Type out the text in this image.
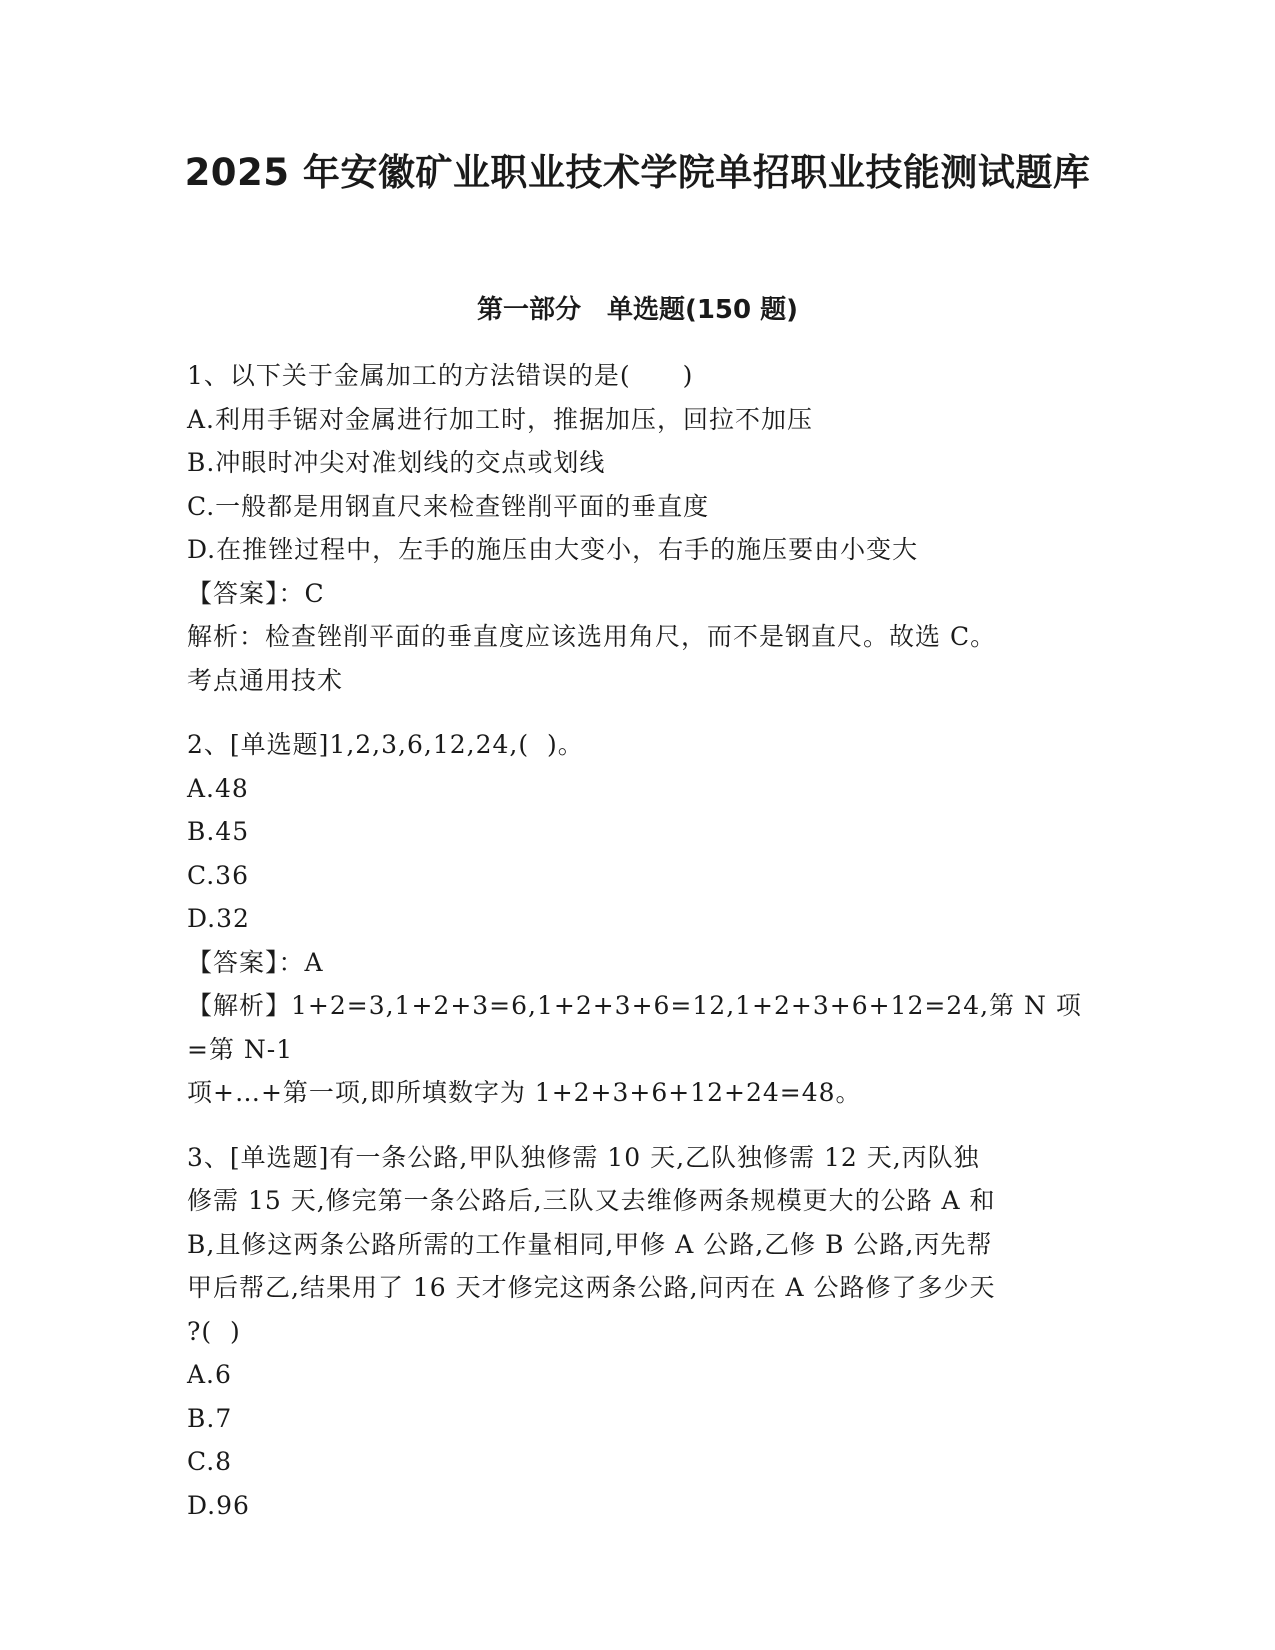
2025 年安徽矿业职业技术学院单招职业技能测试题库
第一部分 单选题(150 题)
1、以下关于金属加工的方法错误的是(　　)
A.利用手锯对金属进行加工时，推据加压，回拉不加压
B.冲眼时冲尖对准划线的交点或划线
C.一般都是用钢直尺来检查锉削平面的垂直度
D.在推锉过程中，左手的施压由大变小，右手的施压要由小变大
【答案】：C
解析：检查锉削平面的垂直度应该选用角尺，而不是钢直尺。故选 C。
考点通用技术
2、[单选题]1,2,3,6,12,24,(  )。
A.48
B.45
C.36
D.32
【答案】：A
【解析】1+2=3,1+2+3=6,1+2+3+6=12,1+2+3+6+12=24,第 N 项=第 N-1
项+…+第一项,即所填数字为 1+2+3+6+12+24=48。
3、[单选题]有一条公路,甲队独修需 10 天,乙队独修需 12 天,丙队独
修需 15 天,修完第一条公路后,三队又去维修两条规模更大的公路 A 和
B,且修这两条公路所需的工作量相同,甲修 A 公路,乙修 B 公路,丙先帮
甲后帮乙,结果用了 16 天才修完这两条公路,问丙在 A 公路修了多少天
?(  )
A.6
B.7
C.8
D.96
